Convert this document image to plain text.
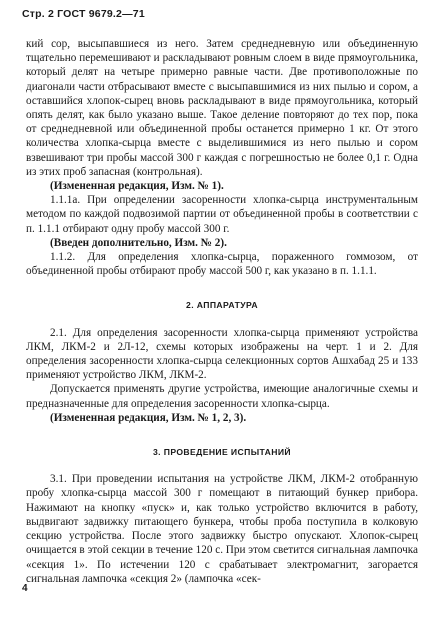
Стр. 2 ГОСТ 9679.2—71

кий сор, высыпавшиеся из него. Затем среднедневную или объединенную тщательно перемешивают и раскладывают ровным слоем в виде прямоугольника, который делят на четыре примерно равные части. Две противоположные по диагонали части отбрасывают вместе с высыпавшимися из них пылью и сором, а оставшийся хлопок-сырец вновь раскладывают в виде прямоугольника, который опять делят, как было указано выше. Такое деление повторяют до тех пор, пока от среднедневной или объединенной пробы останется примерно 1 кг. От этого количества хлопка-сырца вместе с выделившимися из него пылью и сором взвешивают три пробы массой 300 г каждая с погрешностью не более 0,1 г. Одна из этих проб запасная (контрольная).

(Измененная редакция, Изм. № 1).

1.1.1а. При определении засоренности хлопка-сырца инструментальным методом по каждой подвозимой партии от объединенной пробы в соответствии с п. 1.1.1 отбирают одну пробу массой 300 г.

(Введен дополнительно, Изм. № 2).

1.1.2. Для определения хлопка-сырца, пораженного гоммозом, от объединенной пробы отбирают пробу массой 500 г, как указано в п. 1.1.1.

2. АППАРАТУРА

2.1. Для определения засоренности хлопка-сырца применяют устройства ЛКМ, ЛКМ-2 и 2Л-12, схемы которых изображены на черт. 1 и 2. Для определения засоренности хлопка-сырца селекционных сортов Ашхабад 25 и 133 применяют устройство ЛКМ, ЛКМ-2.

Допускается применять другие устройства, имеющие аналогичные схемы и предназначенные для определения засоренности хлопка-сырца.

(Измененная редакция, Изм. № 1, 2, 3).

3. ПРОВЕДЕНИЕ ИСПЫТАНИЙ

3.1. При проведении испытания на устройстве ЛКМ, ЛКМ-2 отобранную пробу хлопка-сырца массой 300 г помещают в питающий бункер прибора. Нажимают на кнопку «пуск» и, как только устройство включится в работу, выдвигают задвижку питающего бункера, чтобы проба поступила в колковую секцию устройства. После этого задвижку быстро опускают. Хлопок-сырец очищается в этой секции в течение 120 с. При этом светится сигнальная лампочка «секция 1». По истечении 120 с срабатывает электромагнит, загорается сигнальная лампочка «секция 2» (лампочка «сек-

4
